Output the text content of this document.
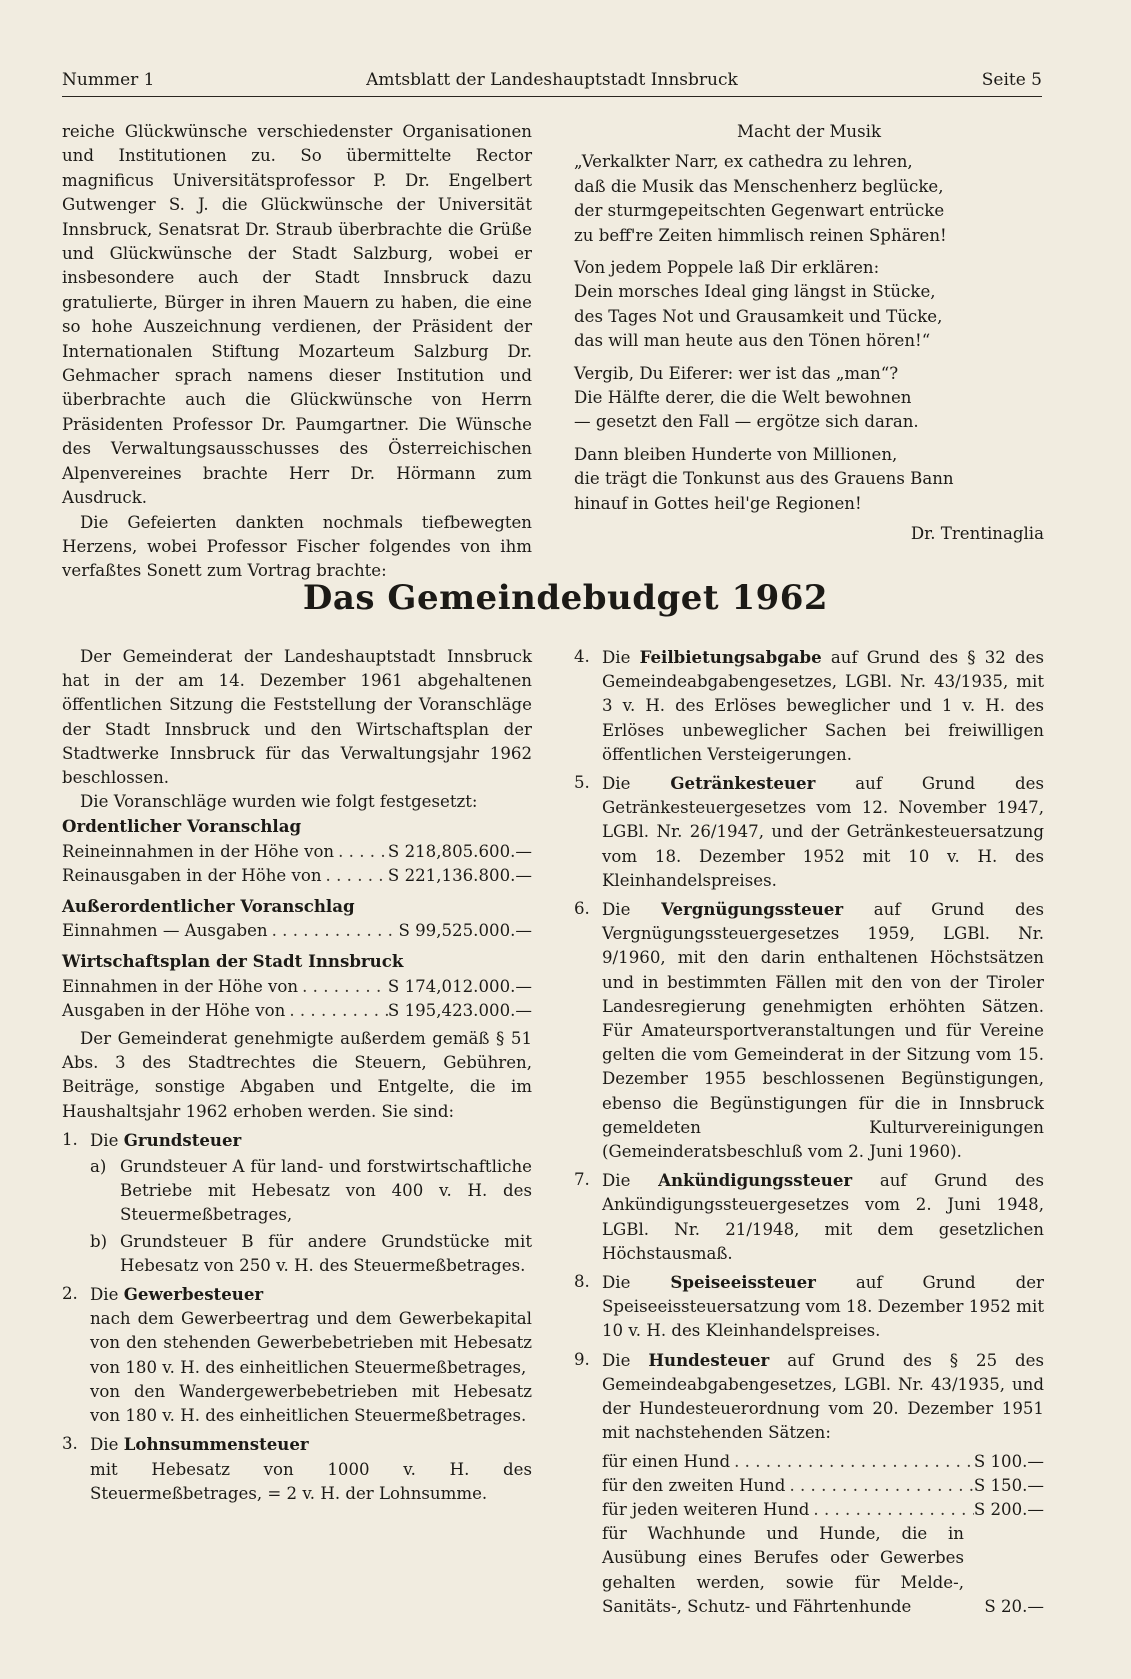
Nummer 1	Amtsblatt der Landeshauptstadt Innsbruck	Seite 5

reiche Glückwünsche verschiedenster Organisationen und Institutionen zu. So übermittelte Rector magnificus Universitätsprofessor P. Dr. Engelbert Gutwenger S. J. die Glückwünsche der Universität Innsbruck, Senatsrat Dr. Straub überbrachte die Grüße und Glückwünsche der Stadt Salzburg, wobei er insbesondere auch der Stadt Innsbruck dazu gratulierte, Bürger in ihren Mauern zu haben, die eine so hohe Auszeichnung verdienen, der Präsident der Internationalen Stiftung Mozarteum Salzburg Dr. Gehmacher sprach namens dieser Institution und überbrachte auch die Glückwünsche von Herrn Präsidenten Professor Dr. Paumgartner. Die Wünsche des Verwaltungsausschusses des Österreichischen Alpenvereines brachte Herr Dr. Hörmann zum Ausdruck.

Die Gefeierten dankten nochmals tiefbewegten Herzens, wobei Professor Fischer folgendes von ihm verfaßtes Sonett zum Vortrag brachte:

Macht der Musik

„Verkalkter Narr, ex cathedra zu lehren,

daß die Musik das Menschenherz beglücke,

der sturmgepeitschten Gegenwart entrücke

zu beff're Zeiten himmlisch reinen Sphären!

Von jedem Poppele laß Dir erklären:

Dein morsches Ideal ging längst in Stücke,

des Tages Not und Grausamkeit und Tücke,

das will man heute aus den Tönen hören!“

Vergib, Du Eiferer: wer ist das „man“?

Die Hälfte derer, die die Welt bewohnen

— gesetzt den Fall — ergötze sich daran.

Dann bleiben Hunderte von Millionen,

die trägt die Tonkunst aus des Grauens Bann

hinauf in Gottes heil'ge Regionen!

Dr. Trentinaglia

Das Gemeindebudget 1962

Der Gemeinderat der Landeshauptstadt Innsbruck hat in der am 14. Dezember 1961 abgehaltenen öffentlichen Sitzung die Feststellung der Voranschläge der Stadt Innsbruck und den Wirtschaftsplan der Stadtwerke Innsbruck für das Verwaltungsjahr 1962 beschlossen.

Die Voranschläge wurden wie folgt festgesetzt:

Ordentlicher Voranschlag

Reineinnahmen in der Höhe von . . .	S 218,805.600.—
Reinausgaben in der Höhe von . . .	S 221,136.800.—

Außerordentlicher Voranschlag

Einnahmen — Ausgaben . . .	S 99,525.000.—

Wirtschaftsplan der Stadt Innsbruck

Einnahmen in der Höhe von . . .	S 174,012.000.—
Ausgaben in der Höhe von . . .	S 195,423.000.—

Der Gemeinderat genehmigte außerdem gemäß § 51 Abs. 3 des Stadtrechtes die Steuern, Gebühren, Beiträge, sonstige Abgaben und Entgelte, die im Haushaltsjahr 1962 erhoben werden. Sie sind:

1. Die Grundsteuer

a) Grundsteuer A für land- und forstwirtschaftliche Betriebe mit Hebesatz von 400 v. H. des Steuermeßbetrages,

b) Grundsteuer B für andere Grundstücke mit Hebesatz von 250 v. H. des Steuermeßbetrages.

2. Die Gewerbesteuer

nach dem Gewerbeertrag und dem Gewerbekapital von den stehenden Gewerbebetrieben mit Hebesatz von 180 v. H. des einheitlichen Steuermeßbetrages,

von den Wandergewerbebetrieben mit Hebesatz von 180 v. H. des einheitlichen Steuermeßbetrages.

3. Die Lohnsummensteuer

mit Hebesatz von 1000 v. H. des Steuermeßbetrages, = 2 v. H. der Lohnsumme.

4. Die Feilbietungsabgabe auf Grund des § 32 des Gemeindeabgabengesetzes, LGBl. Nr. 43/1935, mit 3 v. H. des Erlöses beweglicher und 1 v. H. des Erlöses unbeweglicher Sachen bei freiwilligen öffentlichen Versteigerungen.

5. Die Getränkesteuer auf Grund des Getränkesteuergesetzes vom 12. November 1947, LGBl. Nr. 26/1947, und der Getränkesteuersatzung vom 18. Dezember 1952 mit 10 v. H. des Kleinhandelspreises.

6. Die Vergnügungssteuer auf Grund des Vergnügungssteuergesetzes 1959, LGBl. Nr. 9/1960, mit den darin enthaltenen Höchstsätzen und in bestimmten Fällen mit den von der Tiroler Landesregierung genehmigten erhöhten Sätzen. Für Amateursportveranstaltungen und für Vereine gelten die vom Gemeinderat in der Sitzung vom 15. Dezember 1955 beschlossenen Begünstigungen, ebenso die Begünstigungen für die in Innsbruck gemeldeten Kulturvereinigungen (Gemeinderatsbeschluß vom 2. Juni 1960).

7. Die Ankündigungssteuer auf Grund des Ankündigungssteuergesetzes vom 2. Juni 1948, LGBl. Nr. 21/1948, mit dem gesetzlichen Höchstausmaß.

8. Die Speiseeissteuer auf Grund der Speiseeissteuersatzung vom 18. Dezember 1952 mit 10 v. H. des Kleinhandelspreises.

9. Die Hundesteuer auf Grund des § 25 des Gemeindeabgabengesetzes, LGBl. Nr. 43/1935, und der Hundesteuerordnung vom 20. Dezember 1951 mit nachstehenden Sätzen:

für einen Hund . . .	S 100.—
für den zweiten Hund . . .	S 150.—
für jeden weiteren Hund . . .	S 200.—

für Wachhunde und Hunde, die in Ausübung eines Berufes oder Gewerbes gehalten werden, sowie für Melde-, Sanitäts-, Schutz- und Fährtenhunde	S 20.—
